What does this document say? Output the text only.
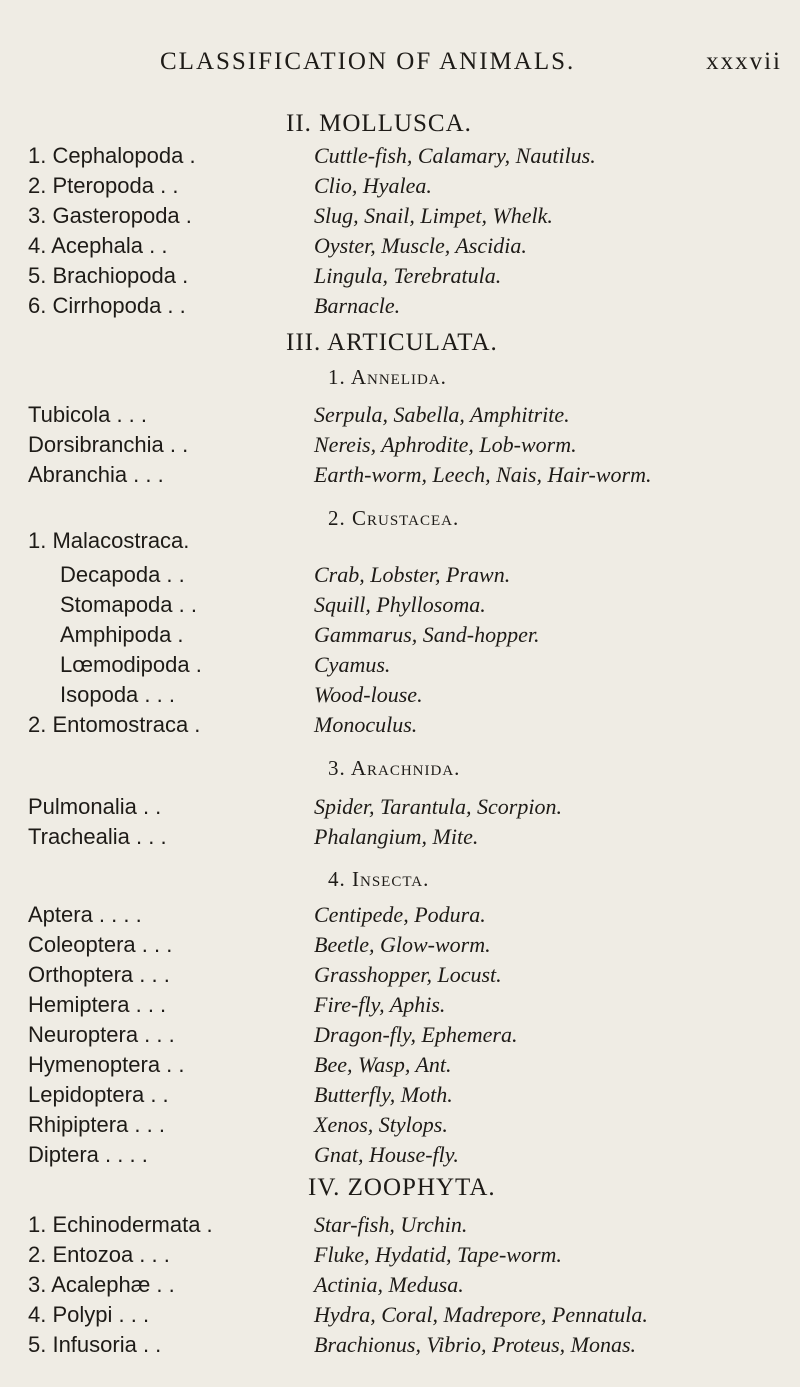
CLASSIFICATION OF ANIMALS.	xxxvii
II. MOLLUSCA.
1. Cephalopoda .	Cuttle-fish, Calamary, Nautilus.
2. Pteropoda . .	Clio, Hyalea.
3. Gasteropoda .	Slug, Snail, Limpet, Whelk.
4. Acephala . .	Oyster, Muscle, Ascidia.
5. Brachiopoda .	Lingula, Terebratula.
6. Cirrhopoda . .	Barnacle.
III. ARTICULATA.
1. Annelida.
Tubicola . . .	Serpula, Sabella, Amphitrite.
Dorsibranchia . .	Nereis, Aphrodite, Lob-worm.
Abranchia . . .	Earth-worm, Leech, Nais, Hair-worm.
2. Crustacea.
1. Malacostraca.
Decapoda . .	Crab, Lobster, Prawn.
Stomapoda . .	Squill, Phyllosoma.
Amphipoda .	Gammarus, Sand-hopper.
Lœmodipoda .	Cyamus.
Isopoda . . .	Wood-louse.
2. Entomostraca .	Monoculus.
3. Arachnida.
Pulmonalia . .	Spider, Tarantula, Scorpion.
Trachealia . . .	Phalangium, Mite.
4. Insecta.
Aptera . . . .	Centipede, Podura.
Coleoptera . . .	Beetle, Glow-worm.
Orthoptera . . .	Grasshopper, Locust.
Hemiptera . . .	Fire-fly, Aphis.
Neuroptera . . .	Dragon-fly, Ephemera.
Hymenoptera . .	Bee, Wasp, Ant.
Lepidoptera . .	Butterfly, Moth.
Rhipiptera . . .	Xenos, Stylops.
Diptera . . . .	Gnat, House-fly.
IV. ZOOPHYTA.
1. Echinodermata .	Star-fish, Urchin.
2. Entozoa . . .	Fluke, Hydatid, Tape-worm.
3. Acalephæ . .	Actinia, Medusa.
4. Polypi . . .	Hydra, Coral, Madrepore, Pennatula.
5. Infusoria . .	Brachionus, Vibrio, Proteus, Monas.
